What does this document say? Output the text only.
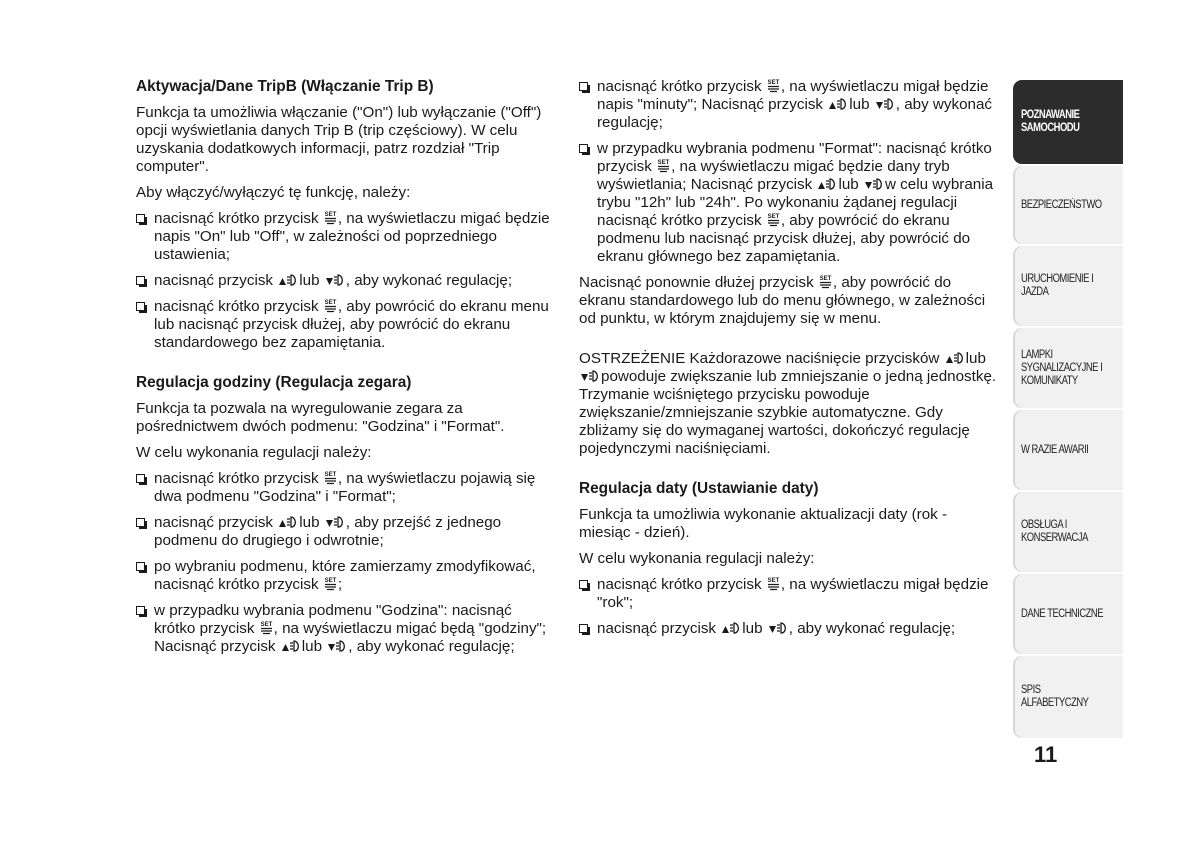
Aktywacja/Dane TripB (Włączanie Trip B)

Funkcja ta umożliwia włączanie ("On") lub wyłączanie ("Off") opcji wyświetlania danych Trip B (trip częściowy). W celu uzyskania dodatkowych informacji, patrz rozdział "Trip computer".

Aby włączyć/wyłączyć tę funkcję, należy:

nacisnąć krótko przycisk , na wyświetlaczu migać będzie napis "On" lub "Off", w zależności od poprzedniego ustawienia;
nacisnąć przycisk lub , aby wykonać regulację;
nacisnąć krótko przycisk , aby powrócić do ekranu menu lub nacisnąć przycisk dłużej, aby powrócić do ekranu standardowego bez zapamiętania.
Regulacja godziny (Regulacja zegara)

Funkcja ta pozwala na wyregulowanie zegara za pośrednictwem dwóch podmenu: "Godzina" i "Format".

W celu wykonania regulacji należy:

nacisnąć krótko przycisk , na wyświetlaczu pojawią się dwa podmenu "Godzina" i "Format";
nacisnąć przycisk lub , aby przejść z jednego podmenu do drugiego i odwrotnie;
po wybraniu podmenu, które zamierzamy zmodyfikować, nacisnąć krótko przycisk ;
w przypadku wybrania podmenu "Godzina": nacisnąć krótko przycisk , na wyświetlaczu migać będą "godziny"; Nacisnąć przycisk lub , aby wykonać regulację;
nacisnąć krótko przycisk , na wyświetlaczu migał będzie napis "minuty"; Nacisnąć przycisk lub , aby wykonać regulację;
w przypadku wybrania podmenu "Format": nacisnąć krótko przycisk , na wyświetlaczu migać będzie dany tryb wyświetlania; Nacisnąć przycisk lub w celu wybrania trybu "12h" lub "24h". Po wykonaniu żądanej regulacji nacisnąć krótko przycisk , aby powrócić do ekranu podmenu lub nacisnąć przycisk dłużej, aby powrócić do ekranu głównego bez zapamiętania.

Nacisnąć ponownie dłużej przycisk , aby powrócić do ekranu standardowego lub do menu głównego, w zależności od punktu, w którym znajdujemy się w menu.

OSTRZEŻENIE Każdorazowe naciśnięcie przycisków lub powoduje zwiększanie lub zmniejszanie o jedną jednostkę. Trzymanie wciśniętego przycisku powoduje zwiększanie/zmniejszanie szybkie automatyczne. Gdy zbliżamy się do wymaganej wartości, dokończyć regulację pojedynczymi naciśnięciami.

Regulacja daty (Ustawianie daty)

Funkcja ta umożliwia wykonanie aktualizacji daty (rok - miesiąc - dzień).

W celu wykonania regulacji należy:

nacisnąć krótko przycisk , na wyświetlaczu migał będzie "rok";
nacisnąć przycisk lub , aby wykonać regulację;
POZNAWANIE
SAMOCHODU
BEZPIECZEŃSTWO
URUCHOMIENIE I
JAZDA
LAMPKI
SYGNALIZACYJNE I
KOMUNIKATY
W RAZIE AWARII
OBSŁUGA I
KONSERWACJA
DANE TECHNICZNE
SPIS ALFABETYCZNY
11
